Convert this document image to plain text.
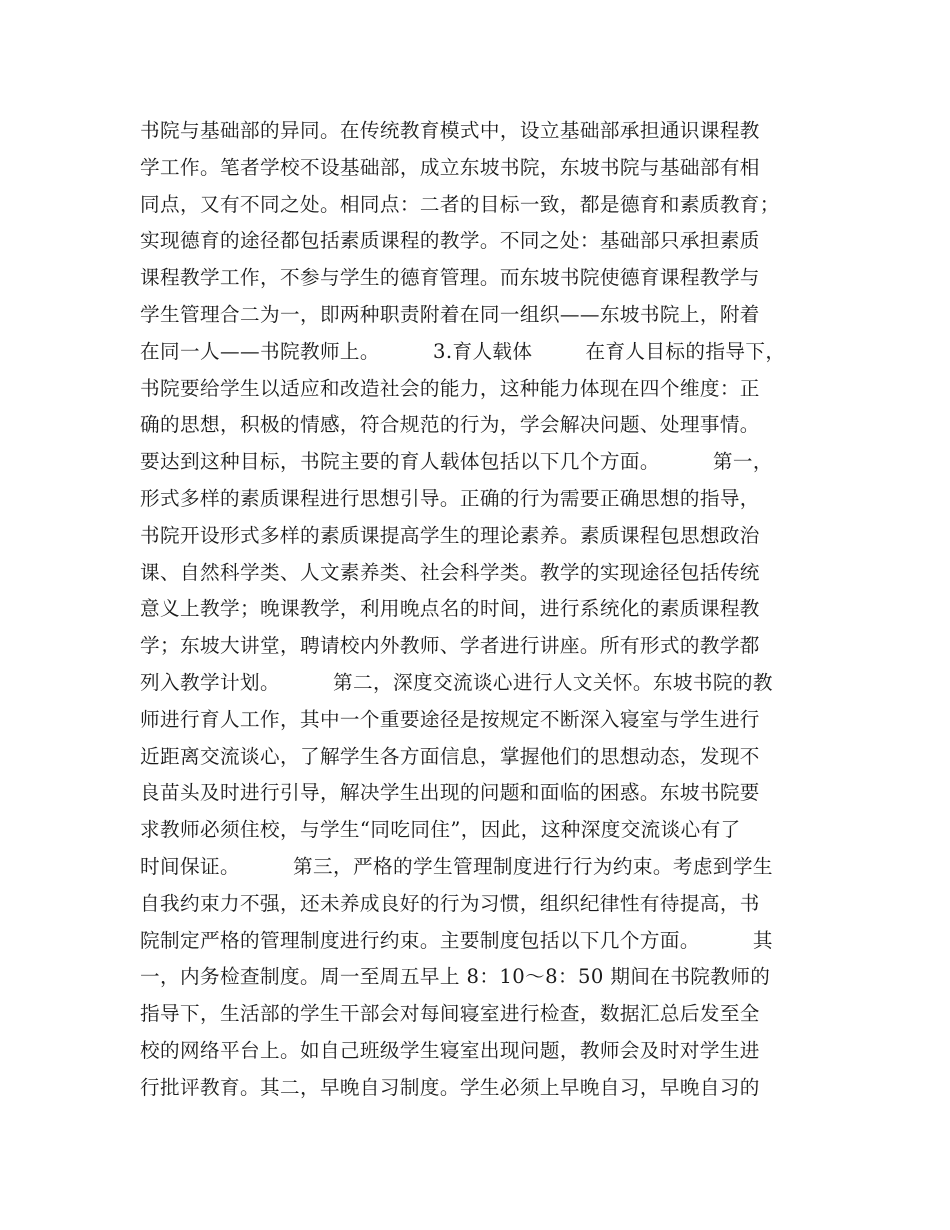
书院与基础部的异同。在传统教育模式中，设立基础部承担通识课程教
学工作。笔者学校不设基础部，成立东坡书院，东坡书院与基础部有相
同点，又有不同之处。相同点：二者的目标一致，都是德育和素质教育；
实现德育的途径都包括素质课程的教学。不同之处：基础部只承担素质
课程教学工作，不参与学生的德育管理。而东坡书院使德育课程教学与
学生管理合二为一，即两种职责附着在同一组织——东坡书院上，附着
在同一人——书院教师上。        3.育人载体        在育人目标的指导下，
书院要给学生以适应和改造社会的能力，这种能力体现在四个维度：正
确的思想，积极的情感，符合规范的行为，学会解决问题、处理事情。
要达到这种目标，书院主要的育人载体包括以下几个方面。        第一，
形式多样的素质课程进行思想引导。正确的行为需要正确思想的指导，
书院开设形式多样的素质课提高学生的理论素养。素质课程包思想政治
课、自然科学类、人文素养类、社会科学类。教学的实现途径包括传统
意义上教学；晚课教学，利用晚点名的时间，进行系统化的素质课程教
学；东坡大讲堂，聘请校内外教师、学者进行讲座。所有形式的教学都
列入教学计划。        第二，深度交流谈心进行人文关怀。东坡书院的教
师进行育人工作，其中一个重要途径是按规定不断深入寝室与学生进行
近距离交流谈心，了解学生各方面信息，掌握他们的思想动态，发现不
良苗头及时进行引导，解决学生出现的问题和面临的困惑。东坡书院要
求教师必须住校，与学生“同吃同住”，因此，这种深度交流谈心有了
时间保证。        第三，严格的学生管理制度进行行为约束。考虑到学生
自我约束力不强，还未养成良好的行为习惯，组织纪律性有待提高，书
院制定严格的管理制度进行约束。主要制度包括以下几个方面。        其
一，内务检查制度。周一至周五早上 8：10～8：50 期间在书院教师的
指导下，生活部的学生干部会对每间寝室进行检查，数据汇总后发至全
校的网络平台上。如自己班级学生寝室出现问题，教师会及时对学生进
行批评教育。其二，早晚自习制度。学生必须上早晚自习，早晚自习的
